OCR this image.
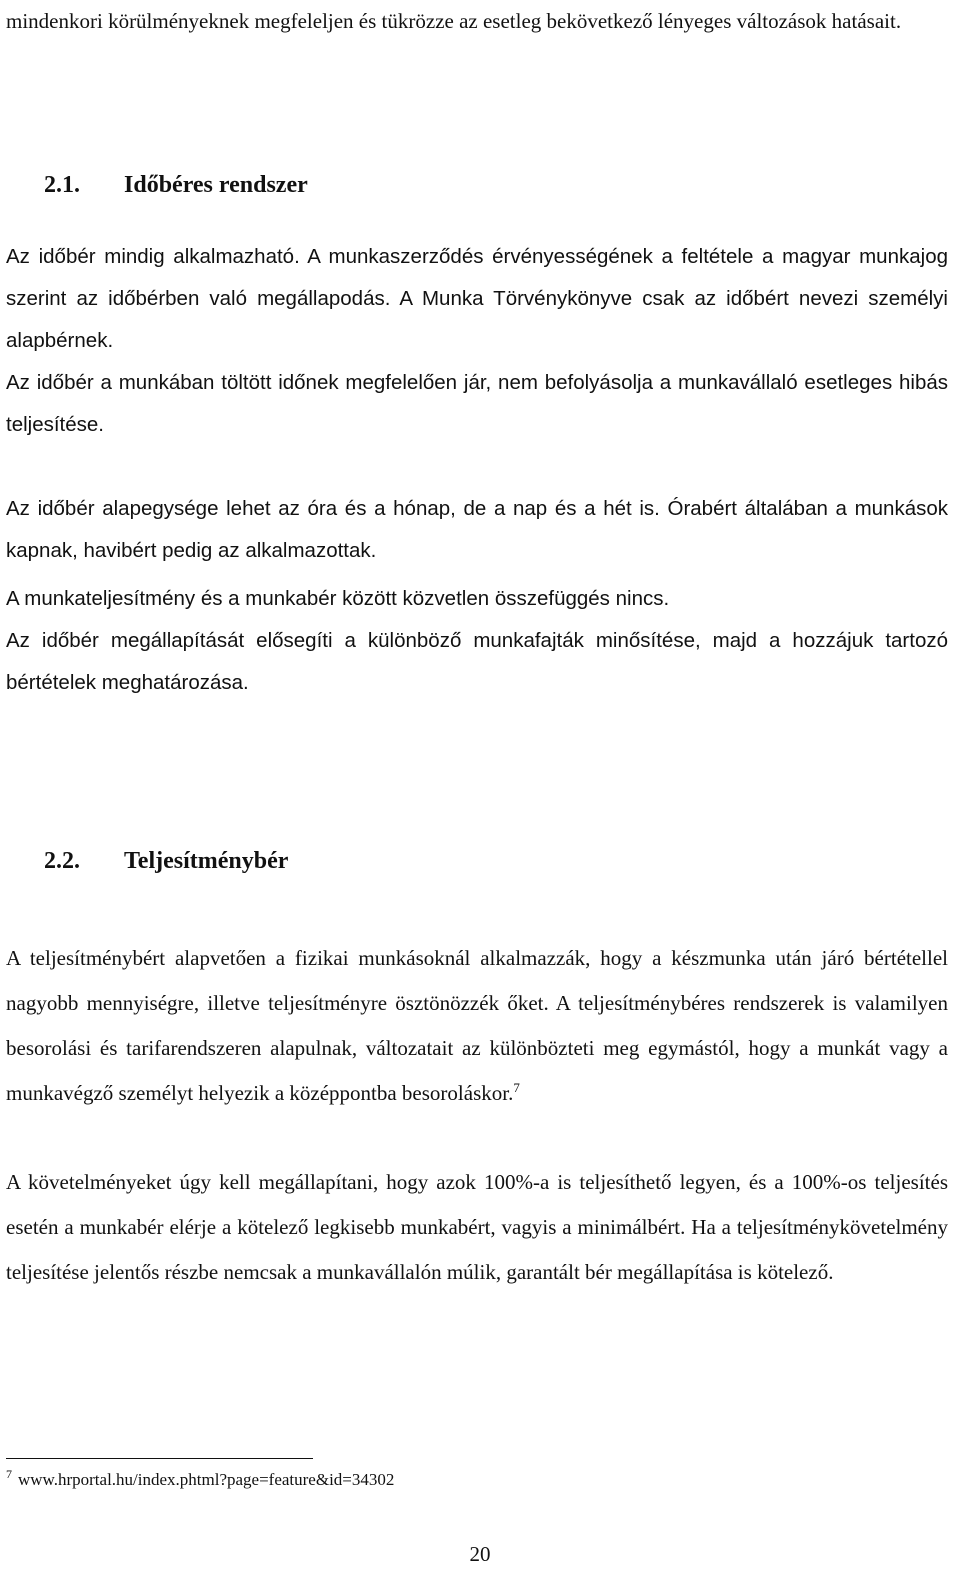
mindenkori körülményeknek megfeleljen és tükrözze az esetleg bekövetkező lényeges változások hatásait.

2.1. Időbéres rendszer

Az időbér mindig alkalmazható. A munkaszerződés érvényességének a feltétele a magyar munkajog szerint az időbérben való megállapodás. A Munka Törvénykönyve csak az időbért nevezi személyi alapbérnek.

Az időbér a munkában töltött időnek megfelelően jár, nem befolyásolja a munkavállaló esetleges hibás teljesítése.

Az időbér alapegysége lehet az óra és a hónap, de a nap és a hét is. Órabért általában a munkások kapnak, havibért pedig az alkalmazottak.

A munkateljesítmény és a munkabér között közvetlen összefüggés nincs.

Az időbér megállapítását elősegíti a különböző munkafajták minősítése, majd a hozzájuk tartozó bértételek meghatározása.

2.2. Teljesítménybér

A teljesítménybért alapvetően a fizikai munkásoknál alkalmazzák, hogy a készmunka után járó bértétellel nagyobb mennyiségre, illetve teljesítményre ösztönözzék őket. A teljesítménybéres rendszerek is valamilyen besorolási és tarifarendszeren alapulnak, változatait az különbözteti meg egymástól, hogy a munkát vagy a munkavégző személyt helyezik a középpontba besoroláskor.$^7$

A követelményeket úgy kell megállapítani, hogy azok 100%-a is teljesíthető legyen, és a 100%-os teljesítés esetén a munkabér elérje a kötelező legkisebb munkabért, vagyis a minimálbért. Ha a teljesítménykövetelmény teljesítése jelentős részbe nemcsak a munkavállalón múlik, garantált bér megállapítása is kötelező.

$^7$ www.hrportal.hu/index.phtml?page=feature&id=34302

20
